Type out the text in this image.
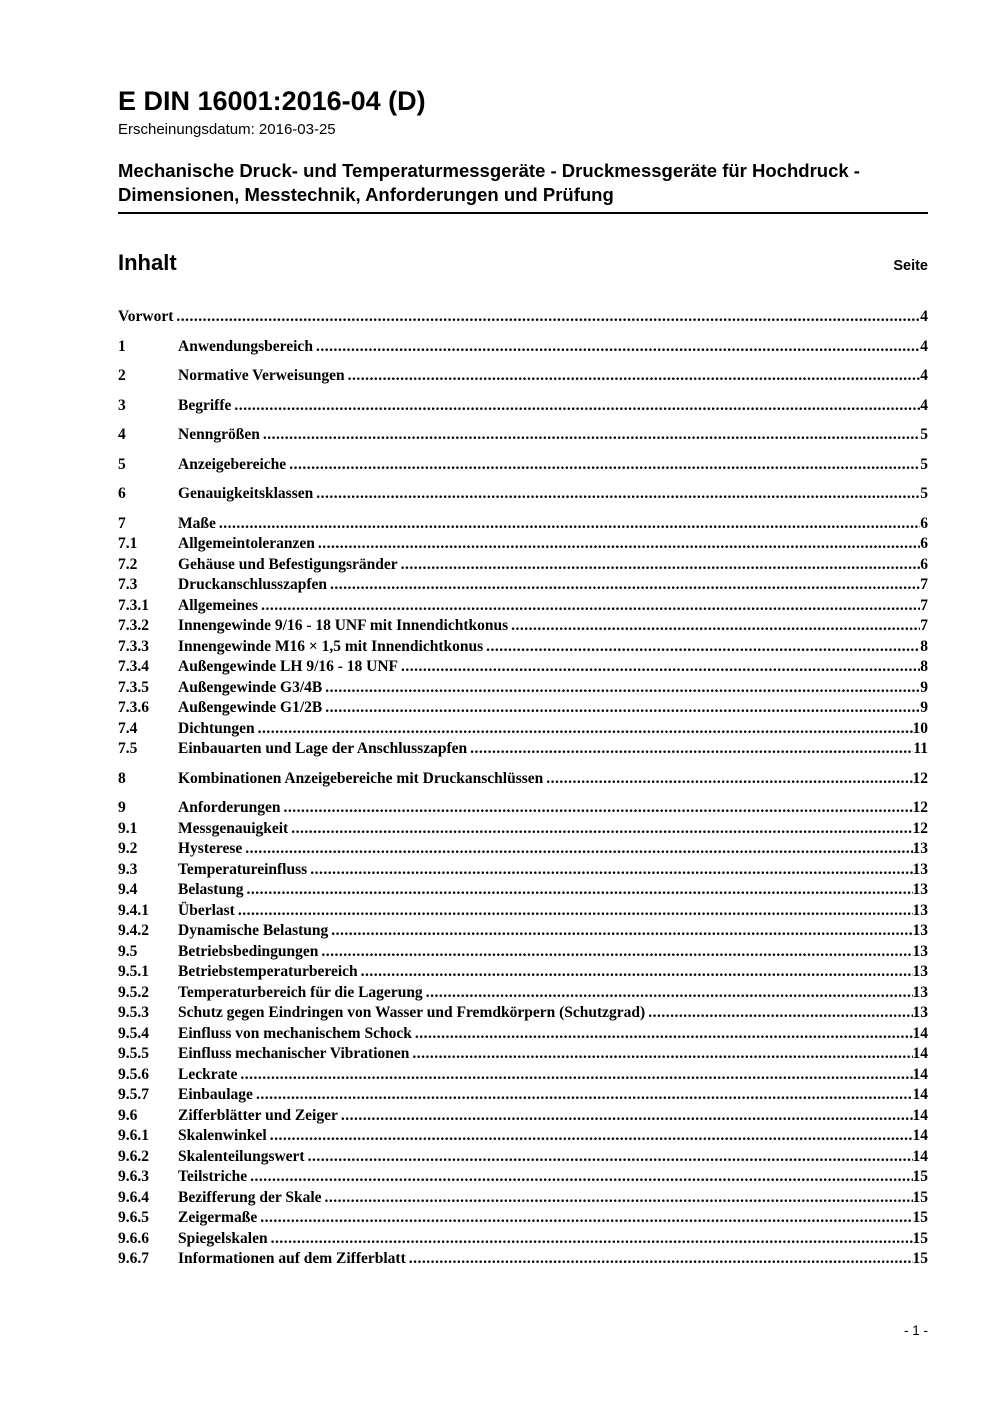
E DIN 16001:2016-04 (D)
Erscheinungsdatum: 2016-03-25
Mechanische Druck- und Temperaturmessgeräte - Druckmessgeräte für Hochdruck - Dimensionen, Messtechnik, Anforderungen und Prüfung
Inhalt	Seite
Vorwort .....	4
1	Anwendungsbereich .....	4
2	Normative Verweisungen .....	4
3	Begriffe .....	4
4	Nenngrößen .....	5
5	Anzeigebereiche .....	5
6	Genauigkeitsklassen .....	5
7	Maße .....	6
7.1	Allgemeintoleranzen .....	6
7.2	Gehäuse und Befestigungsränder .....	6
7.3	Druckanschlusszapfen .....	7
7.3.1	Allgemeines .....	7
7.3.2	Innengewinde 9/16 - 18 UNF mit Innendichtkonus .....	7
7.3.3	Innengewinde M16 × 1,5 mit Innendichtkonus .....	8
7.3.4	Außengewinde LH 9/16 - 18 UNF .....	8
7.3.5	Außengewinde G3/4B .....	9
7.3.6	Außengewinde G1/2B .....	9
7.4	Dichtungen .....	10
7.5	Einbauarten und Lage der Anschlusszapfen .....	11
8	Kombinationen Anzeigebereiche mit Druckanschlüssen .....	12
9	Anforderungen .....	12
9.1	Messgenauigkeit .....	12
9.2	Hysterese .....	13
9.3	Temperatureinfluss .....	13
9.4	Belastung .....	13
9.4.1	Überlast .....	13
9.4.2	Dynamische Belastung .....	13
9.5	Betriebsbedingungen .....	13
9.5.1	Betriebstemperaturbereich .....	13
9.5.2	Temperaturbereich für die Lagerung .....	13
9.5.3	Schutz gegen Eindringen von Wasser und Fremdkörpern (Schutzgrad) .....	13
9.5.4	Einfluss von mechanischem Schock .....	14
9.5.5	Einfluss mechanischer Vibrationen .....	14
9.5.6	Leckrate .....	14
9.5.7	Einbaulage .....	14
9.6	Zifferblätter und Zeiger .....	14
9.6.1	Skalenwinkel .....	14
9.6.2	Skalenteilungswert .....	14
9.6.3	Teilstriche .....	15
9.6.4	Bezifferung der Skale .....	15
9.6.5	Zeigermaße .....	15
9.6.6	Spiegelskalen .....	15
9.6.7	Informationen auf dem Zifferblatt .....	15
- 1 -
